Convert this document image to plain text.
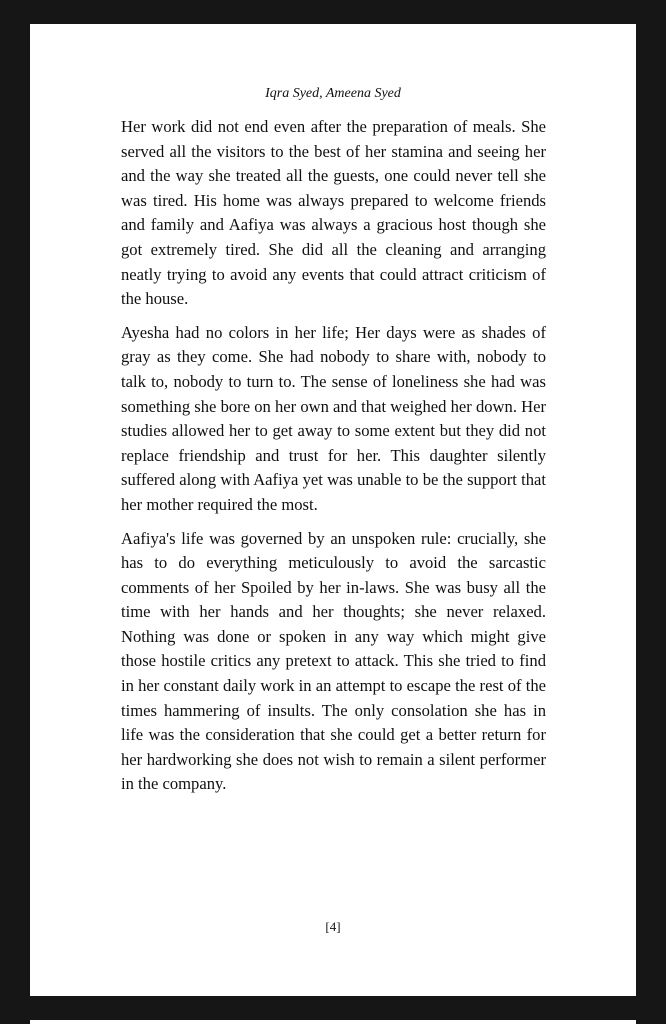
Iqra Syed, Ameena Syed

Her work did not end even after the preparation of meals. She served all the visitors to the best of her stamina and seeing her and the way she treated all the guests, one could never tell she was tired. His home was always prepared to welcome friends and family and Aafiya was always a gracious host though she got extremely tired. She did all the cleaning and arranging neatly trying to avoid any events that could attract criticism of the house.

Ayesha had no colors in her life; Her days were as shades of gray as they come. She had nobody to share with, nobody to talk to, nobody to turn to. The sense of loneliness she had was something she bore on her own and that weighed her down. Her studies allowed her to get away to some extent but they did not replace friendship and trust for her. This daughter silently suffered along with Aafiya yet was unable to be the support that her mother required the most.

Aafiya's life was governed by an unspoken rule: crucially, she has to do everything meticulously to avoid the sarcastic comments of her Spoiled by her in-laws. She was busy all the time with her hands and her thoughts; she never relaxed. Nothing was done or spoken in any way which might give those hostile critics any pretext to attack. This she tried to find in her constant daily work in an attempt to escape the rest of the times hammering of insults. The only consolation she has in life was the consideration that she could get a better return for her hardworking she does not wish to remain a silent performer in the company.

[4]
